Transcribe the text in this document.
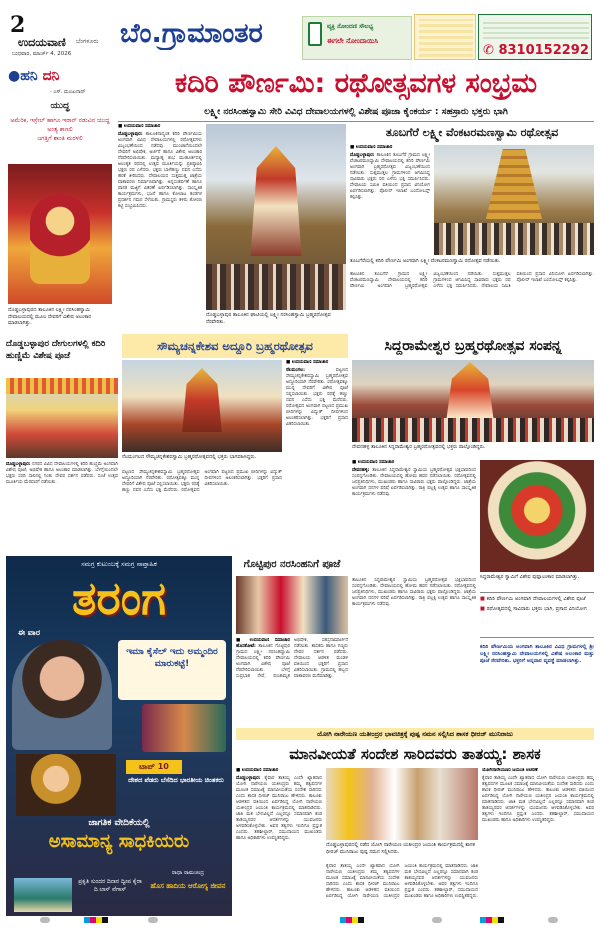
2
ಉದಯವಾಣಿ ಬೆಂಗಳೂರು
ಬುಧವಾರ, ಮಾರ್ಚ್ 4, 2026
ಬೆಂ.ಗ್ರಾಮಾಂತರ	ವ್ಯಕ್ತಿ ನೋಂದಣಿ ಸೌಲಭ್ಯ
ಈಗಲೇ ನೋಂದಾಯಿಸಿ
✆ 8310152292
●ಹನಿ ದನಿ
- ಎಸ್. ಮಂಜುನಾಥ್
ಯುದ್ಧ
ಅಮೆರಿಕ, ಇಸ್ರೇಲ್ ಹಾಗೂ ಇರಾನ್ ನಡುವಿನ ಯುದ್ಧ
ಅಂತ್ಯ ಕಾಣಲಿ
ಜಗತ್ತಿಗೆ ಶಾಂತಿ ಮರಳಲಿ
ದೊಡ್ಡಬಳ್ಳಾಪುರದ ತಾಲೂಕಿನ ಲಕ್ಷ್ಮೀ ನರಸಿಂಹಸ್ವಾಮಿ ದೇವಾಲಯದಲ್ಲಿ ಮೂಲ ದೇವರಿಗೆ ವಿಶೇಷ ಅಲಂಕಾರ ಮಾಡಲಾಗಿತ್ತು.
ಕದಿರಿ ಪೌರ್ಣಮಿ: ರಥೋತ್ಸವಗಳ ಸಂಭ್ರಮ
ಲಕ್ಷ್ಮೀ ನರಸಿಂಹಸ್ವಾಮಿ ಸೇರಿ ವಿವಿಧ ದೇವಾಲಯಗಳಲ್ಲಿ ವಿಶೇಷ ಪೂಜಾ ಕೈಂಕರ್ಯ : ಸಹಸ್ರಾರು ಭಕ್ತರು ಭಾಗಿ

■ ಉದಯವಾಣಿ ಸಮಾಚಾರ

ದೊಡ್ಡಬಳ್ಳಾಪುರ: ತಾಲೂಕಿನಾದ್ಯಂತ ಕದಿರಿ ಪೌರ್ಣಮಿಯ ಅಂಗವಾಗಿ ವಿವಿಧ ದೇವಾಲಯಗಳಲ್ಲಿ ರಥೋತ್ಸವಗಳು ವಿಜೃಂಭಣೆಯಿಂದ ನಡೆದವು. ಮುಂಜಾನೆಯಿಂದಲೇ ದೇವರಿಗೆ ಅಭಿಷೇಕ, ಅರ್ಚನೆ ಹಾಗೂ ವಿಶೇಷ ಅಲಂಕಾರ ನೆರವೇರಿಸಲಾಯಿತು. ಮಧ್ಯಾಹ್ನ ಶುಭ ಮುಹೂರ್ತದಲ್ಲಿ ಅಲಂಕೃತ ರಥದಲ್ಲಿ ಉತ್ಸವ ಮೂರ್ತಿಯನ್ನು ಪ್ರತಿಷ್ಠಾಪಿಸಿ ಭಕ್ತರು ರಥ ಎಳೆದರು. ಭಕ್ತರು ಬಾಳೆಹಣ್ಣು ದವನ ಎಸೆದು ಹರಕೆ ತೀರಿಸಿದರು. ದೇವಾಲಯದ ಸುತ್ತಮುತ್ತ ಜಾತ್ರೆಯ ವಾತಾವರಣ ನಿರ್ಮಾಣವಾಗಿತ್ತು. ಅನ್ನಸಂತರ್ಪಣೆ ಹಾಗೂ ಪಾನಕ ಮಜ್ಜಿಗೆ ವಿತರಣೆ ಏರ್ಪಡಿಸಲಾಗಿತ್ತು. ಸಾಂಸ್ಕೃತಿಕ ಕಾರ್ಯಕ್ರಮಗಳು, ಭಜನೆ ಹಾಗೂ ಕೋಲಾಟ ತಂಡಗಳ ಪ್ರದರ್ಶನ ಗಮನ ಸೆಳೆಯಿತು. ಗ್ರಾಮಸ್ಥರು ತಳಿರು ತೋರಣ ಕಟ್ಟಿ ಸಂಭ್ರಮಿಸಿದರು.

ದೊಡ್ಡಬಳ್ಳಾಪುರ ತಾಲೂಕಿನ ಘಾಟಿಯಲ್ಲಿ ಲಕ್ಷ್ಮೀ ನರಸಿಂಹಸ್ವಾಮಿ ಬ್ರಹ್ಮರಥೋತ್ಸವ ನೆರವೇರಿತು.
ತೂಬಗೆರೆ ಲಕ್ಷ್ಮೀ ವೆಂಕಟರಮಣಸ್ವಾಮಿ ರಥೋತ್ಸವ

■ ಉದಯವಾಣಿ ಸಮಾಚಾರ

ದೊಡ್ಡಬಳ್ಳಾಪುರ: ತಾಲೂಕಿನ ತೂಬಗೆರೆ ಗ್ರಾಮದ ಲಕ್ಷ್ಮೀ ವೆಂಕಟರಮಣಸ್ವಾಮಿ ದೇವಾಲಯದಲ್ಲಿ ಕದಿರಿ ಪೌರ್ಣಮಿ ಅಂಗವಾಗಿ ಬ್ರಹ್ಮರಥೋತ್ಸವ ವಿಜೃಂಭಣೆಯಿಂದ ನಡೆಯಿತು. ಸುತ್ತಮುತ್ತಲ ಗ್ರಾಮಗಳಿಂದ ಆಗಮಿಸಿದ್ದ ಸಾವಿರಾರು ಭಕ್ತರು ರಥ ಎಳೆದು ಭಕ್ತಿ ಸಮರ್ಪಿಸಿದರು. ದೇವಾಲಯ ಸಮಿತಿ ವತಿಯಿಂದ ಪ್ರಸಾದ ವಿನಿಯೋಗ ಏರ್ಪಡಿಸಲಾಗಿತ್ತು. ಪೊಲೀಸ್ ಇಲಾಖೆ ಬಂದೋಬಸ್ತ್ ಕಲ್ಪಿಸಿತ್ತು.

ತೂಬಗೆರೆಯಲ್ಲಿ ಕದಿರಿ ಪೌರ್ಣಮಿ ಅಂಗವಾಗಿ ಲಕ್ಷ್ಮೀ ವೆಂಕಟರಮಣಸ್ವಾಮಿ ರಥೋತ್ಸವ ನಡೆಯಿತು.
ತಾಲೂಕಿನ ತೂಬಗೆರೆ ಗ್ರಾಮದ ಲಕ್ಷ್ಮೀ ವೆಂಕಟರಮಣಸ್ವಾಮಿ ದೇವಾಲಯದಲ್ಲಿ ಕದಿರಿ ಪೌರ್ಣಮಿ ಅಂಗವಾಗಿ ಬ್ರಹ್ಮರಥೋತ್ಸವ ವಿಜೃಂಭಣೆಯಿಂದ ನಡೆಯಿತು. ಸುತ್ತಮುತ್ತಲ ಗ್ರಾಮಗಳಿಂದ ಆಗಮಿಸಿದ್ದ ಸಾವಿರಾರು ಭಕ್ತರು ರಥ ಎಳೆದು ಭಕ್ತಿ ಸಮರ್ಪಿಸಿದರು. ದೇವಾಲಯ ಸಮಿತಿ ವತಿಯಿಂದ ಪ್ರಸಾದ ವಿನಿಯೋಗ ಏರ್ಪಡಿಸಲಾಗಿತ್ತು. ಪೊಲೀಸ್ ಇಲಾಖೆ ಬಂದೋಬಸ್ತ್ ಕಲ್ಪಿಸಿತ್ತು.
ದೊಡ್ಡಬಳ್ಳಾಪುರ ದೇಗುಲಗಳಲ್ಲಿ ಕದಿರಿ ಹುಣ್ಣಿಮೆ ವಿಶೇಷ ಪೂಜೆ

ದೊಡ್ಡಬಳ್ಳಾಪುರ: ನಗರದ ವಿವಿಧ ದೇವಾಲಯಗಳಲ್ಲಿ ಕದಿರಿ ಹುಣ್ಣಿಮೆ ಅಂಗವಾಗಿ ವಿಶೇಷ ಪೂಜೆ, ಅಭಿಷೇಕ ಹಾಗೂ ಅಲಂಕಾರ ಮಾಡಲಾಗಿತ್ತು. ಬೆಳಗ್ಗೆಯಿಂದಲೇ ಭಕ್ತರು ಸರದಿ ಸಾಲಿನಲ್ಲಿ ನಿಂತು ದೇವರ ದರ್ಶನ ಪಡೆದರು. ಸಂಜೆ ಉತ್ಸವ ಮೂರ್ತಿಯ ಮೆರವಣಿಗೆ ನಡೆಯಿತು.

ಸೌಮ್ಯಚನ್ನಕೇಶವ ಅದ್ದೂರಿ ಬ್ರಹ್ಮರಥೋತ್ಸವ
ನೆಲಮಂಗಲದ ಸೌಮ್ಯಚನ್ನಕೇಶವಸ್ವಾಮಿ ಬ್ರಹ್ಮರಥೋತ್ಸವದಲ್ಲಿ ಭಕ್ತರು ಭಾಗವಹಿಸಿದ್ದರು.

■ ಉದಯವಾಣಿ ಸಮಾಚಾರ

ನೆಲಮಂಗಲ:	ಪಟ್ಟಣದ ಸೌಮ್ಯಚನ್ನಕೇಶವಸ್ವಾಮಿ ಬ್ರಹ್ಮರಥೋತ್ಸವ ಅದ್ದೂರಿಯಾಗಿ ನೆರವೇರಿತು. ರಥೋತ್ಸವಕ್ಕೂ ಮುನ್ನ ದೇವರಿಗೆ ವಿಶೇಷ ಪೂಜೆ ಸಲ್ಲಿಸಲಾಯಿತು. ಭಕ್ತರು ರಥಕ್ಕೆ ಹಣ್ಣು ದವನ ಎಸೆದು ಭಕ್ತಿ ಮೆರೆದರು. ರಥೋತ್ಸವದ ಅಂಗವಾಗಿ ಪಟ್ಟಣದ ಪ್ರಮುಖ ಬೀದಿಗಳನ್ನು ವಿದ್ಯುತ್ ದೀಪಗಳಿಂದ ಅಲಂಕರಿಸಲಾಗಿತ್ತು. ಭಕ್ತರಿಗೆ ಪ್ರಸಾದ ವಿತರಿಸಲಾಯಿತು.

ಪಟ್ಟಣದ ಸೌಮ್ಯಚನ್ನಕೇಶವಸ್ವಾಮಿ ಬ್ರಹ್ಮರಥೋತ್ಸವ ಅದ್ದೂರಿಯಾಗಿ ನೆರವೇರಿತು. ರಥೋತ್ಸವಕ್ಕೂ ಮುನ್ನ ದೇವರಿಗೆ ವಿಶೇಷ ಪೂಜೆ ಸಲ್ಲಿಸಲಾಯಿತು. ಭಕ್ತರು ರಥಕ್ಕೆ ಹಣ್ಣು ದವನ ಎಸೆದು ಭಕ್ತಿ ಮೆರೆದರು. ರಥೋತ್ಸವದ ಅಂಗವಾಗಿ ಪಟ್ಟಣದ ಪ್ರಮುಖ ಬೀದಿಗಳನ್ನು ವಿದ್ಯುತ್ ದೀಪಗಳಿಂದ ಅಲಂಕರಿಸಲಾಗಿತ್ತು. ಭಕ್ತರಿಗೆ ಪ್ರಸಾದ ವಿತರಿಸಲಾಯಿತು.
ಸಿದ್ದರಾಮೇಶ್ವರ ಬ್ರಹ್ಮರಥೋತ್ಸವ ಸಂಪನ್ನ
ದೇವನಹಳ್ಳಿ ತಾಲೂಕಿನ ಸಿದ್ದರಾಮೇಶ್ವರ ಬ್ರಹ್ಮರಥೋತ್ಸವದಲ್ಲಿ ಭಕ್ತರು ಪಾಲ್ಗೊಂಡಿದ್ದರು.

■ ಉದಯವಾಣಿ ಸಮಾಚಾರ

ದೇವನಹಳ್ಳಿ: ತಾಲೂಕಿನ ಸಿದ್ದರಾಮೇಶ್ವರ ಸ್ವಾಮಿಯ ಬ್ರಹ್ಮರಥೋತ್ಸವ ಭಕ್ತಿಭಾವದಿಂದ ಸಂಪನ್ನಗೊಂಡಿತು. ದೇವಾಲಯದಲ್ಲಿ ಹೋಮ ಹವನ ನಡೆಸಲಾಯಿತು. ರಥೋತ್ಸವದಲ್ಲಿ ಜನಪ್ರತಿನಿಧಿಗಳು, ಮುಖಂಡರು ಹಾಗೂ ಸಾವಿರಾರು ಭಕ್ತರು ಪಾಲ್ಗೊಂಡಿದ್ದರು. ಜಾತ್ರೆಯ ಅಂಗವಾಗಿ ದನಗಳ ಪರಿಷೆ ಏರ್ಪಡಿಸಲಾಗಿತ್ತು. ರಾತ್ರಿ ಪಲ್ಲಕ್ಕಿ ಉತ್ಸವ ಹಾಗೂ ಸಾಂಸ್ಕೃತಿಕ ಕಾರ್ಯಕ್ರಮಗಳು ನಡೆದವು.

ಸಿದ್ದರಾಮೇಶ್ವರ ಸ್ವಾಮಿಗೆ ವಿಶೇಷ ಪುಷ್ಪಾಲಂಕಾರ ಮಾಡಲಾಗಿತ್ತು.
ತಾಲೂಕಿನ ಸಿದ್ದರಾಮೇಶ್ವರ ಸ್ವಾಮಿಯ ಬ್ರಹ್ಮರಥೋತ್ಸವ ಭಕ್ತಿಭಾವದಿಂದ ಸಂಪನ್ನಗೊಂಡಿತು. ದೇವಾಲಯದಲ್ಲಿ ಹೋಮ ಹವನ ನಡೆಸಲಾಯಿತು. ರಥೋತ್ಸವದಲ್ಲಿ ಜನಪ್ರತಿನಿಧಿಗಳು, ಮುಖಂಡರು ಹಾಗೂ ಸಾವಿರಾರು ಭಕ್ತರು ಪಾಲ್ಗೊಂಡಿದ್ದರು. ಜಾತ್ರೆಯ ಅಂಗವಾಗಿ ದನಗಳ ಪರಿಷೆ ಏರ್ಪಡಿಸಲಾಗಿತ್ತು. ರಾತ್ರಿ ಪಲ್ಲಕ್ಕಿ ಉತ್ಸವ ಹಾಗೂ ಸಾಂಸ್ಕೃತಿಕ ಕಾರ್ಯಕ್ರಮಗಳು ನಡೆದವು.
■ ಕದಿರಿ ಪೌರ್ಣಮಿ ಅಂಗವಾಗಿ ದೇವಾಲಯಗಳಲ್ಲಿ ವಿಶೇಷ ಪೂಜೆ
■ ರಥೋತ್ಸವದಲ್ಲಿ ಸಾವಿರಾರು ಭಕ್ತರು ಭಾಗಿ, ಪ್ರಸಾದ ವಿನಿಯೋಗ
ಕದಿರಿ ಪೌರ್ಣಮಿಯ ಅಂಗವಾಗಿ ತಾಲೂಕಿನ ವಿವಿಧ ಗ್ರಾಮಗಳಲ್ಲಿ ಶ್ರೀ ಲಕ್ಷ್ಮೀ ನರಸಿಂಹಸ್ವಾಮಿ ದೇವಾಲಯಗಳಲ್ಲಿ ವಿಶೇಷ ಅಲಂಕಾರ ಮತ್ತು ಪೂಜೆ ನೆರವೇರಿತು. ಭಕ್ತರಿಗೆ ಅನ್ನದಾನ ವ್ಯವಸ್ಥೆ ಮಾಡಲಾಗಿತ್ತು.
ಸಮಗ್ರ ಕುಟುಂಬಕ್ಕೆ ಸಮಗ್ರ ಸಾಪ್ತಾಹಿಕ
ತರಂಗ
ಈ ವಾರ
ಇಮಾ ಕೈಸೆಲ್ ಇದು ಅಮ್ಮಂದಿರ ಮಾರುಕಟ್ಟೆ!
ಟಾಪ್ 10
ದೇಶದ ಪೆಡರು ಬೆಸೆದಿದ ಭಾರತೀಯ ಚಿಂತಕರು
ಜಾಗತಿಕ ವೇದಿಕೆಯಲ್ಲಿ
ಅಸಾಮಾನ್ಯ ಸಾಧಕಿಯರು
ಪ್ರಕೃತಿ ಸುಂದರ ದಿನಾರ ದ್ವೀಪ ಕೈರಾ ದಿ ಲಾಸ್ ವೆಗಾಸ್
ರಾಧಾ ರಾಮಚಂದ್ರ
ಹೊಸ ಹಾದಿಯ ಆರೋಗ್ಯ ಜೀವನ
ಗೊಟ್ಟಿಪುರ ನರಸಿಂಹನಿಗೆ ಪೂಜೆ
■ ಉದಯವಾಣಿ ಸಮಾಚಾರ ಹೊಸಕೋಟೆ: ತಾಲೂಕಿನ ಗೊಟ್ಟಿಪುರ ಗ್ರಾಮದ ಲಕ್ಷ್ಮೀ ನರಸಿಂಹಸ್ವಾಮಿ ದೇವಾಲಯದಲ್ಲಿ ಕದಿರಿ ಪೌರ್ಣಮಿ ಅಂಗವಾಗಿ ವಿಶೇಷ ಪೂಜೆ ನೆರವೇರಿಸಲಾಯಿತು. ಬೆಳಗ್ಗೆ ಸುಪ್ರಭಾತ ಸೇವೆ, ಪಂಚಾಮೃತ ಅಭಿಷೇಕ, ಸಹಸ್ರನಾಮಾರ್ಚನೆ ನಡೆಯಿತು. ಶಾಸಕರು ಹಾಗೂ ಗಣ್ಯರು ದೇವರ ದರ್ಶನ ಪಡೆದರು. ದೇವಾಲಯ ಆಡಳಿತ ಮಂಡಳಿ ವತಿಯಿಂದ ಭಕ್ತರಿಗೆ ಪ್ರಸಾದ ವಿತರಿಸಲಾಯಿತು. ಗ್ರಾಮದಲ್ಲಿ ಹಬ್ಬದ ವಾತಾವರಣ ಮನೆಮಾಡಿತ್ತು.
ಯೋಗಿ ನಾರೇಯಣ ಯತೀಂದ್ರರ ಭಾವಚಿತ್ರಕ್ಕೆ ಪುಷ್ಪ ನಮನ ಸಲ್ಲಿಸಿದ ಶಾಸಕ ಧೀರಜ್ ಮುನಿರಾಜು
ಮಾನವೀಯತೆ ಸಂದೇಶ ಸಾರಿದವರು ತಾತಯ್ಯ: ಶಾಸಕ

■ ಉದಯವಾಣಿ ಸಮಾಚಾರ

ದೊಡ್ಡಬಳ್ಳಾಪುರ: ಕೈವಾರ ತಾತಯ್ಯ ಎಂದೇ ಖ್ಯಾತರಾದ ಯೋಗಿ ನಾರೇಯಣ ಯತೀಂದ್ರರು ತಮ್ಮ ತತ್ವಪದಗಳ ಮೂಲಕ ಸಮಾಜಕ್ಕೆ ಮಾನವೀಯತೆಯ ಸಂದೇಶ ಸಾರಿದರು ಎಂದು ಶಾಸಕ ಧೀರಜ್ ಮುನಿರಾಜು ಹೇಳಿದರು. ತಾಲೂಕು ಆಡಳಿತದ ವತಿಯಿಂದ ಏರ್ಪಡಿಸಿದ್ದ ಯೋಗಿ ನಾರೇಯಣ ಯತೀಂದ್ರರ ಜಯಂತಿ ಕಾರ್ಯಕ್ರಮದಲ್ಲಿ ಮಾತನಾಡಿದರು. ಜಾತಿ ಮತ ಭೇದವಿಲ್ಲದೆ ಎಲ್ಲರನ್ನೂ ಸಮಾನವಾಗಿ ಕಂಡ ತಾತಯ್ಯನವರ ಆದರ್ಶಗಳನ್ನು ಯುವಜನರು ಅಳವಡಿಸಿಕೊಳ್ಳಬೇಕು. ಅವರ ತತ್ವಗಳು ಇಂದಿಗೂ ಪ್ರಸ್ತುತ ಎಂದರು. ತಹಶೀಲ್ದಾರ್, ಸಮುದಾಯದ ಮುಖಂಡರು ಹಾಗೂ ಅಧಿಕಾರಿಗಳು ಉಪಸ್ಥಿತರಿದ್ದರು.

ದೊಡ್ಡಬಳ್ಳಾಪುರದಲ್ಲಿ ನಡೆದ ಯೋಗಿ ನಾರೇಯಣ ಯತೀಂದ್ರರ ಜಯಂತಿ ಕಾರ್ಯಕ್ರಮದಲ್ಲಿ ಶಾಸಕ ಧೀರಜ್ ಮುನಿರಾಜು ಪುಷ್ಪ ನಮನ ಸಲ್ಲಿಸಿದರು.
ಕೈವಾರ ತಾತಯ್ಯ ಎಂದೇ ಖ್ಯಾತರಾದ ಯೋಗಿ ನಾರೇಯಣ ಯತೀಂದ್ರರು ತಮ್ಮ ತತ್ವಪದಗಳ ಮೂಲಕ ಸಮಾಜಕ್ಕೆ ಮಾನವೀಯತೆಯ ಸಂದೇಶ ಸಾರಿದರು ಎಂದು ಶಾಸಕ ಧೀರಜ್ ಮುನಿರಾಜು ಹೇಳಿದರು. ತಾಲೂಕು ಆಡಳಿತದ ವತಿಯಿಂದ ಏರ್ಪಡಿಸಿದ್ದ ಯೋಗಿ ನಾರೇಯಣ ಯತೀಂದ್ರರ ಜಯಂತಿ ಕಾರ್ಯಕ್ರಮದಲ್ಲಿ ಮಾತನಾಡಿದರು. ಜಾತಿ ಮತ ಭೇದವಿಲ್ಲದೆ ಎಲ್ಲರನ್ನೂ ಸಮಾನವಾಗಿ ಕಂಡ ತಾತಯ್ಯನವರ ಆದರ್ಶಗಳನ್ನು ಯುವಜನರು ಅಳವಡಿಸಿಕೊಳ್ಳಬೇಕು. ಅವರ ತತ್ವಗಳು ಇಂದಿಗೂ ಪ್ರಸ್ತುತ ಎಂದರು. ತಹಶೀಲ್ದಾರ್, ಸಮುದಾಯದ ಮುಖಂಡರು ಹಾಗೂ ಅಧಿಕಾರಿಗಳು ಉಪಸ್ಥಿತರಿದ್ದರು.

ಯೋಗಿನಾರೇಯಣರ ಜಯಂತಿ ಆಚರಣೆ

ಕೈವಾರ ತಾತಯ್ಯ ಎಂದೇ ಖ್ಯಾತರಾದ ಯೋಗಿ ನಾರೇಯಣ ಯತೀಂದ್ರರು ತಮ್ಮ ತತ್ವಪದಗಳ ಮೂಲಕ ಸಮಾಜಕ್ಕೆ ಮಾನವೀಯತೆಯ ಸಂದೇಶ ಸಾರಿದರು ಎಂದು ಶಾಸಕ ಧೀರಜ್ ಮುನಿರಾಜು ಹೇಳಿದರು. ತಾಲೂಕು ಆಡಳಿತದ ವತಿಯಿಂದ ಏರ್ಪಡಿಸಿದ್ದ ಯೋಗಿ ನಾರೇಯಣ ಯತೀಂದ್ರರ ಜಯಂತಿ ಕಾರ್ಯಕ್ರಮದಲ್ಲಿ ಮಾತನಾಡಿದರು. ಜಾತಿ ಮತ ಭೇದವಿಲ್ಲದೆ ಎಲ್ಲರನ್ನೂ ಸಮಾನವಾಗಿ ಕಂಡ ತಾತಯ್ಯನವರ ಆದರ್ಶಗಳನ್ನು ಯುವಜನರು ಅಳವಡಿಸಿಕೊಳ್ಳಬೇಕು. ಅವರ ತತ್ವಗಳು ಇಂದಿಗೂ ಪ್ರಸ್ತುತ ಎಂದರು. ತಹಶೀಲ್ದಾರ್, ಸಮುದಾಯದ ಮುಖಂಡರು ಹಾಗೂ ಅಧಿಕಾರಿಗಳು ಉಪಸ್ಥಿತರಿದ್ದರು.
